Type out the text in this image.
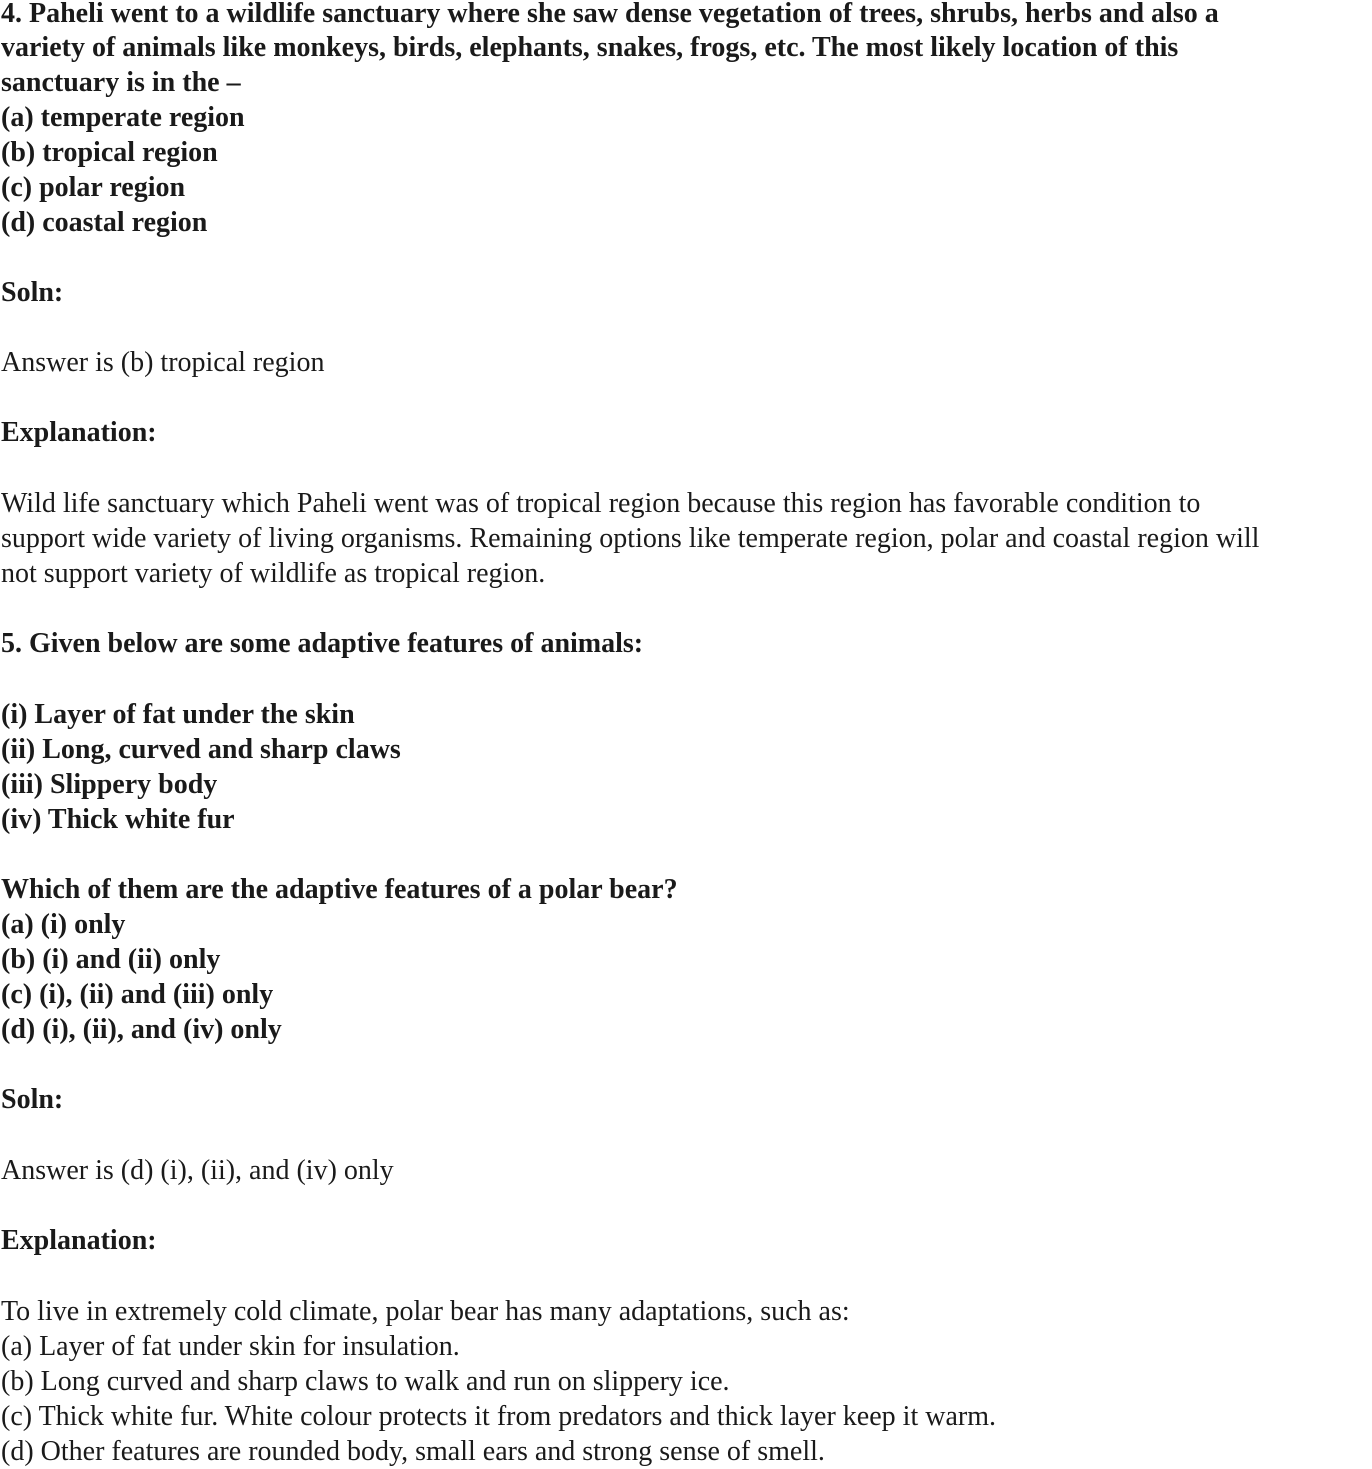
4. Paheli went to a wildlife sanctuary where she saw dense vegetation of trees, shrubs, herbs and also a
variety of animals like monkeys, birds, elephants, snakes, frogs, etc. The most likely location of this
sanctuary is in the –
(a) temperate region
(b) tropical region
(c) polar region
(d) coastal region
Soln:
Answer is (b) tropical region
Explanation:
Wild life sanctuary which Paheli went was of tropical region because this region has favorable condition to
support wide variety of living organisms. Remaining options like temperate region, polar and coastal region will
not support variety of wildlife as tropical region.
5. Given below are some adaptive features of animals:
(i) Layer of fat under the skin
(ii) Long, curved and sharp claws
(iii) Slippery body
(iv) Thick white fur
Which of them are the adaptive features of a polar bear?
(a) (i) only
(b) (i) and (ii) only
(c) (i), (ii) and (iii) only
(d) (i), (ii), and (iv) only
Soln:
Answer is (d) (i), (ii), and (iv) only
Explanation:
To live in extremely cold climate, polar bear has many adaptations, such as:
(a) Layer of fat under skin for insulation.
(b) Long curved and sharp claws to walk and run on slippery ice.
(c) Thick white fur. White colour protects it from predators and thick layer keep it warm.
(d) Other features are rounded body, small ears and strong sense of smell.
